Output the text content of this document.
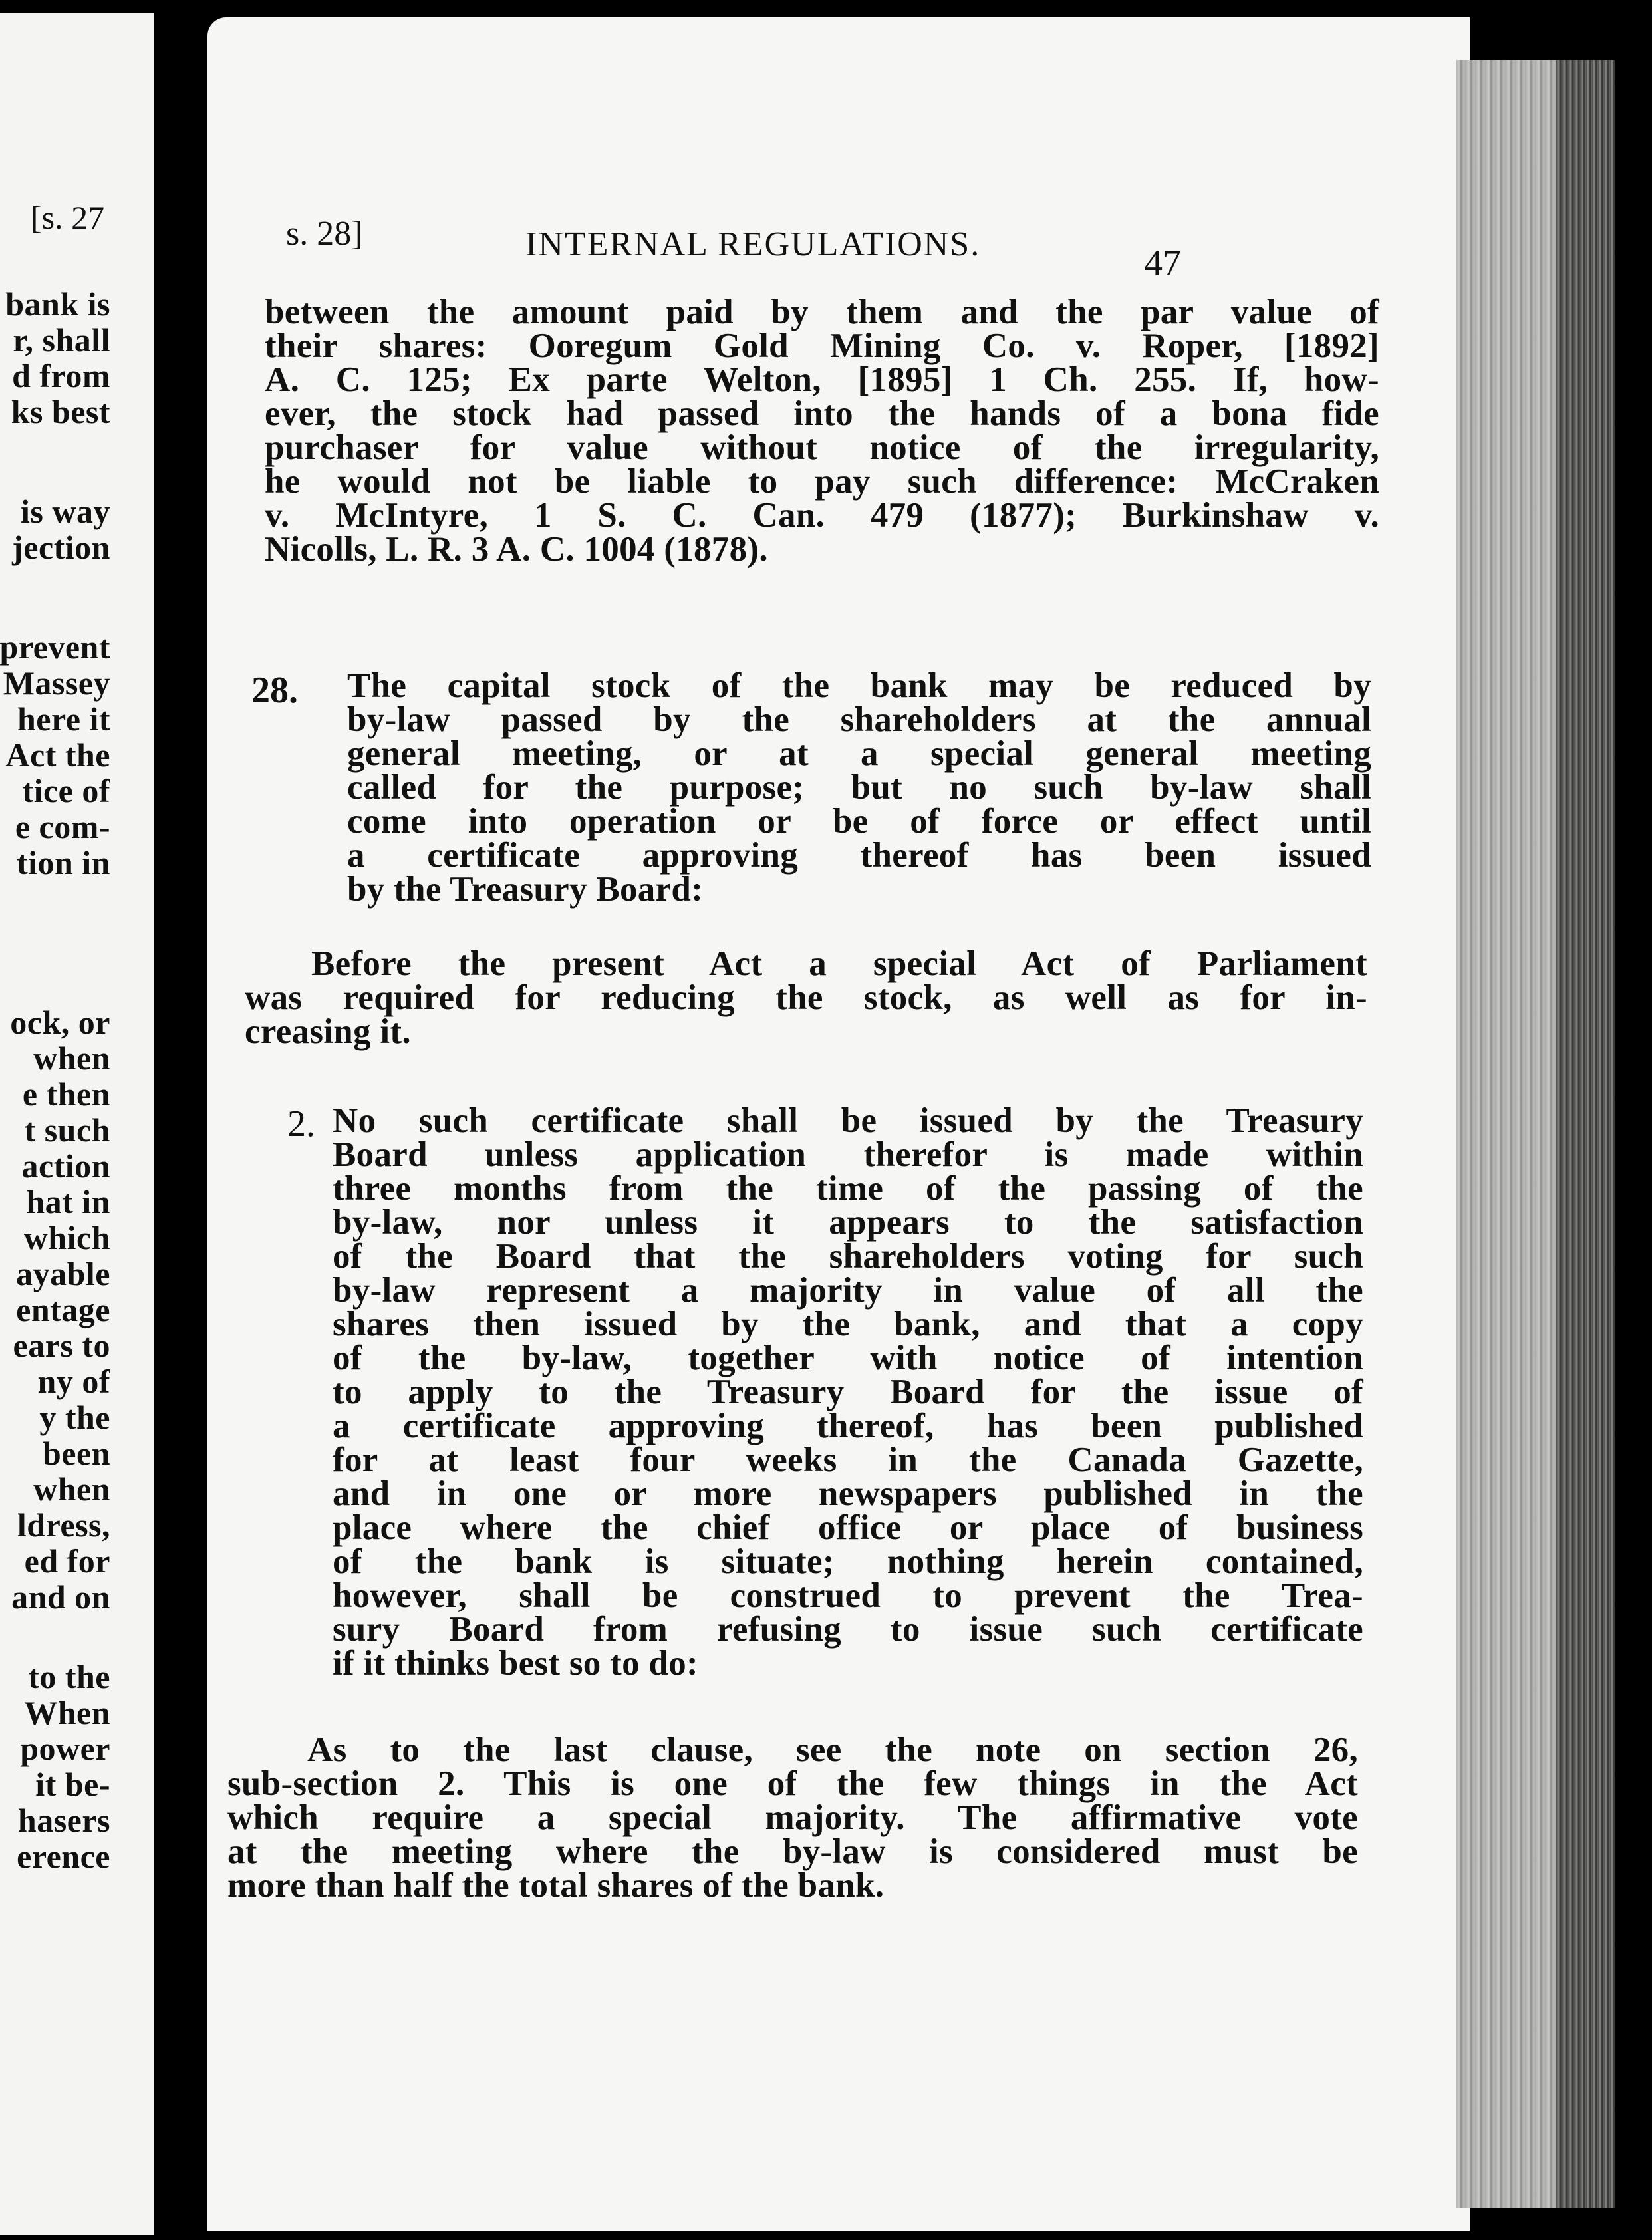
[s. 27
bank is
r, shall
d from
ks best
is way
jection
prevent
Massey
here it
Act the
tice of
e com-
tion in
ock, or
when
e then
t such
action
hat in
which
ayable
entage
ears to
ny of
y the
been
when
ldress,
ed for
and on
to the
When
power
it be-
hasers
erence
s. 28]	INTERNAL REGULATIONS.	47
between the amount paid by them and the par value of
their shares: Ooregum Gold Mining Co. v. Roper, [1892]
A. C. 125; Ex parte Welton, [1895] 1 Ch. 255. If, how-
ever, the stock had passed into the hands of a bona fide
purchaser for value without notice of the irregularity,
he would not be liable to pay such difference: McCraken
v. McIntyre, 1 S. C. Can. 479 (1877); Burkinshaw v.
Nicolls, L. R. 3 A. C. 1004 (1878).
28. The capital stock of the bank may be reduced by
by-law passed by the shareholders at the annual
general meeting, or at a special general meeting
called for the purpose; but no such by-law shall
come into operation or be of force or effect until
a certificate approving thereof has been issued
by the Treasury Board:
Before the present Act a special Act of Parliament
was required for reducing the stock, as well as for in-
creasing it.
2. No such certificate shall be issued by the Treasury
Board unless application therefor is made within
three months from the time of the passing of the
by-law, nor unless it appears to the satisfaction
of the Board that the shareholders voting for such
by-law represent a majority in value of all the
shares then issued by the bank, and that a copy
of the by-law, together with notice of intention
to apply to the Treasury Board for the issue of
a certificate approving thereof, has been published
for at least four weeks in the Canada Gazette,
and in one or more newspapers published in the
place where the chief office or place of business
of the bank is situate; nothing herein contained,
however, shall be construed to prevent the Trea-
sury Board from refusing to issue such certificate
if it thinks best so to do:
As to the last clause, see the note on section 26,
sub-section 2. This is one of the few things in the Act
which require a special majority. The affirmative vote
at the meeting where the by-law is considered must be
more than half the total shares of the bank.
